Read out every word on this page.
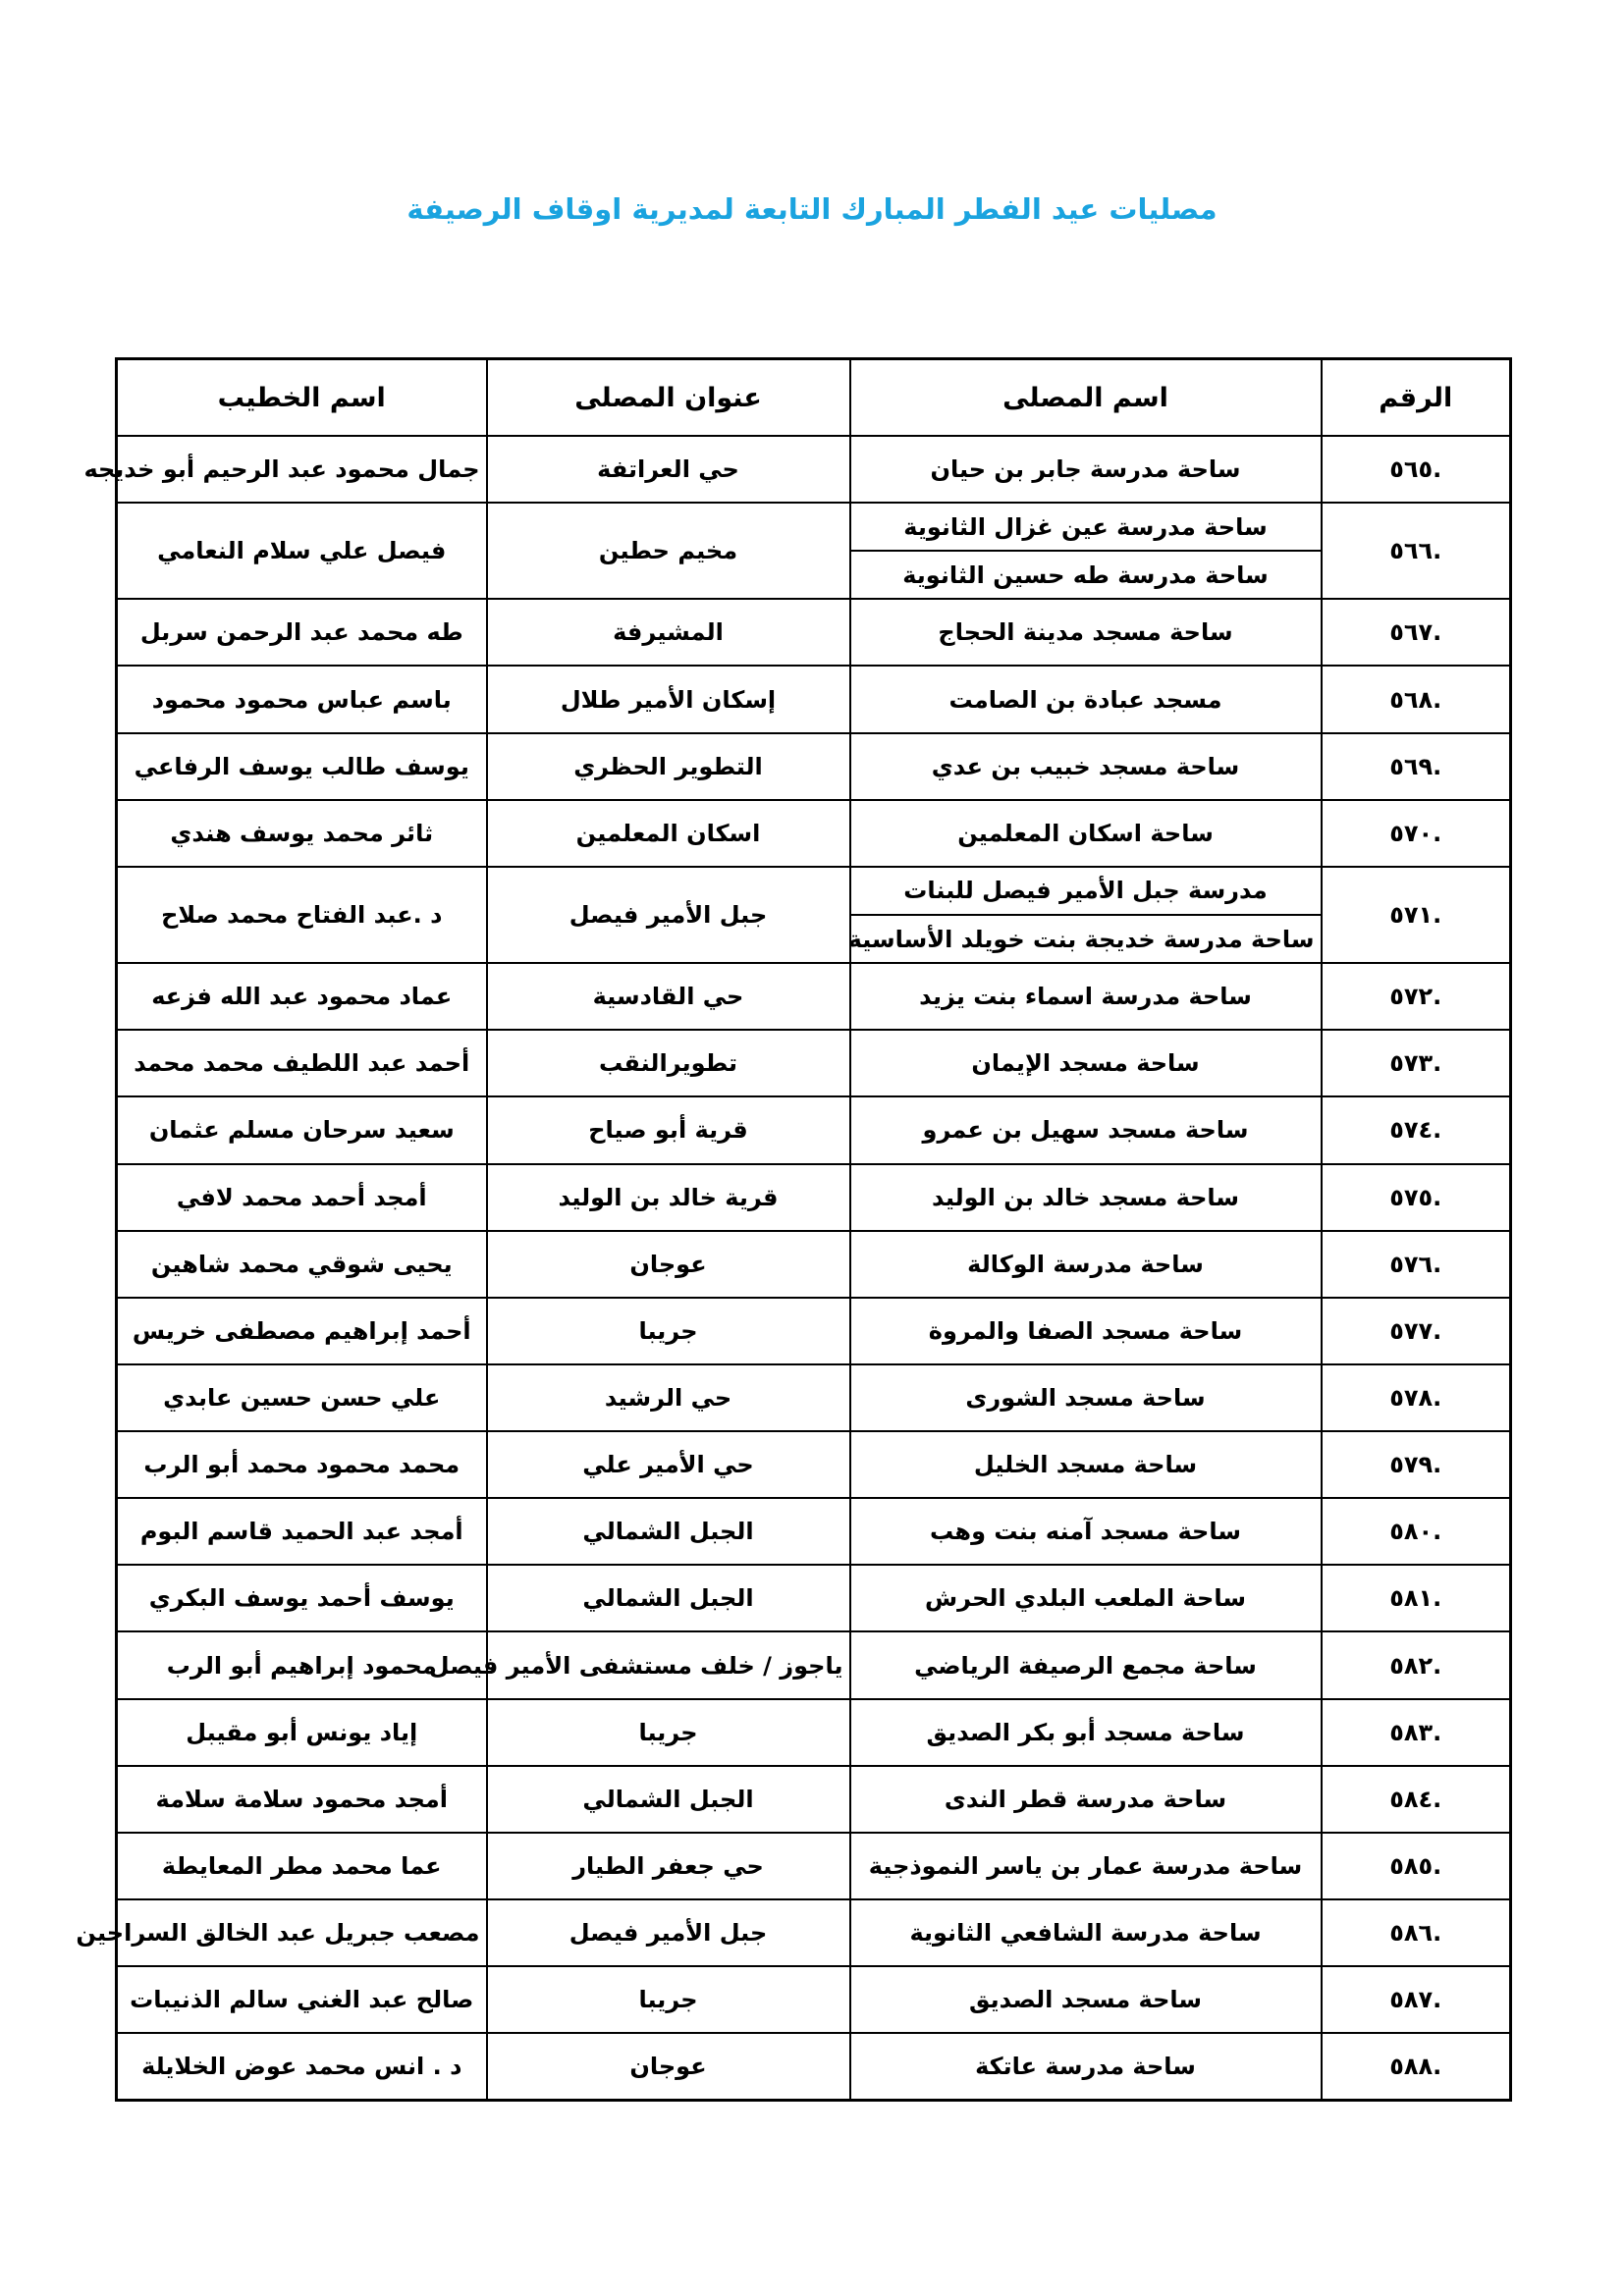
مصليات عيد الفطر المبارك التابعة لمديرية اوقاف الرصيفة
الرقم	اسم المصلى	عنوان المصلى	اسم الخطيب
.٥٦٥	ساحة مدرسة جابر بن حيان	حي العراتفة	جمال محمود عبد الرحيم أبو خديجه
.٥٦٦	ساحة مدرسة عين غزال الثانوية	مخيم حطين	فيصل علي سلام النعامي
	ساحة مدرسة طه حسين الثانوية		
.٥٦٧	ساحة مسجد مدينة الحجاج	المشيرفة	طه محمد عبد الرحمن سربل
.٥٦٨	مسجد عبادة بن الصامت	إسكان الأمير طلال	باسم عباس محمود محمود
.٥٦٩	ساحة مسجد خبيب بن عدي	التطوير الحظري	يوسف طالب يوسف الرفاعي
.٥٧٠	ساحة اسكان المعلمين	اسكان المعلمين	ثائر محمد يوسف هندي
.٥٧١	مدرسة جبل الأمير فيصل للبنات	جبل الأمير فيصل	د .عبد الفتاح محمد صلاح
	ساحة مدرسة خديجة بنت خويلد الأساسية		
.٥٧٢	ساحة مدرسة اسماء بنت يزيد	حي القادسية	عماد محمود عبد الله فزعه
.٥٧٣	ساحة مسجد الإيمان	تطويرالنقب	أحمد عبد اللطيف محمد محمد
.٥٧٤	ساحة مسجد سهيل بن عمرو	قرية أبو صياح	سعيد سرحان مسلم عثمان
.٥٧٥	ساحة مسجد خالد بن الوليد	قرية خالد بن الوليد	أمجد أحمد محمد لافي
.٥٧٦	ساحة مدرسة الوكالة	عوجان	يحيى شوقي محمد شاهين
.٥٧٧	ساحة مسجد الصفا والمروة	جريبا	أحمد إبراهيم مصطفى خريس
.٥٧٨	ساحة مسجد الشورى	حي الرشيد	علي حسن حسين عابدي
.٥٧٩	ساحة مسجد الخليل	حي الأمير علي	محمد محمود محمد أبو الرب
.٥٨٠	ساحة مسجد آمنه بنت وهب	الجبل الشمالي	أمجد عبد الحميد قاسم البوم
.٥٨١	ساحة الملعب البلدي الحرش	الجبل الشمالي	يوسف أحمد يوسف البكري
.٥٨٢	ساحة مجمع الرصيفة الرياضي	ياجوز / خلف مستشفى الأمير فيصل	محمود إبراهيم أبو الرب
.٥٨٣	ساحة مسجد أبو بكر الصديق	جريبا	إياد يونس أبو مقيبل
.٥٨٤	ساحة مدرسة قطر الندى	الجبل الشمالي	أمجد محمود سلامة سلامة
.٥٨٥	ساحة مدرسة عمار بن ياسر النموذجية	حي جعفر الطيار	عما محمد مطر المعايطة
.٥٨٦	ساحة مدرسة الشافعي الثانوية	جبل الأمير فيصل	مصعب جبريل عبد الخالق السراحين
.٥٨٧	ساحة مسجد الصديق	جريبا	صالح عبد الغني سالم الذنيبات
.٥٨٨	ساحة مدرسة عاتكة	عوجان	د . انس محمد عوض الخلايلة
